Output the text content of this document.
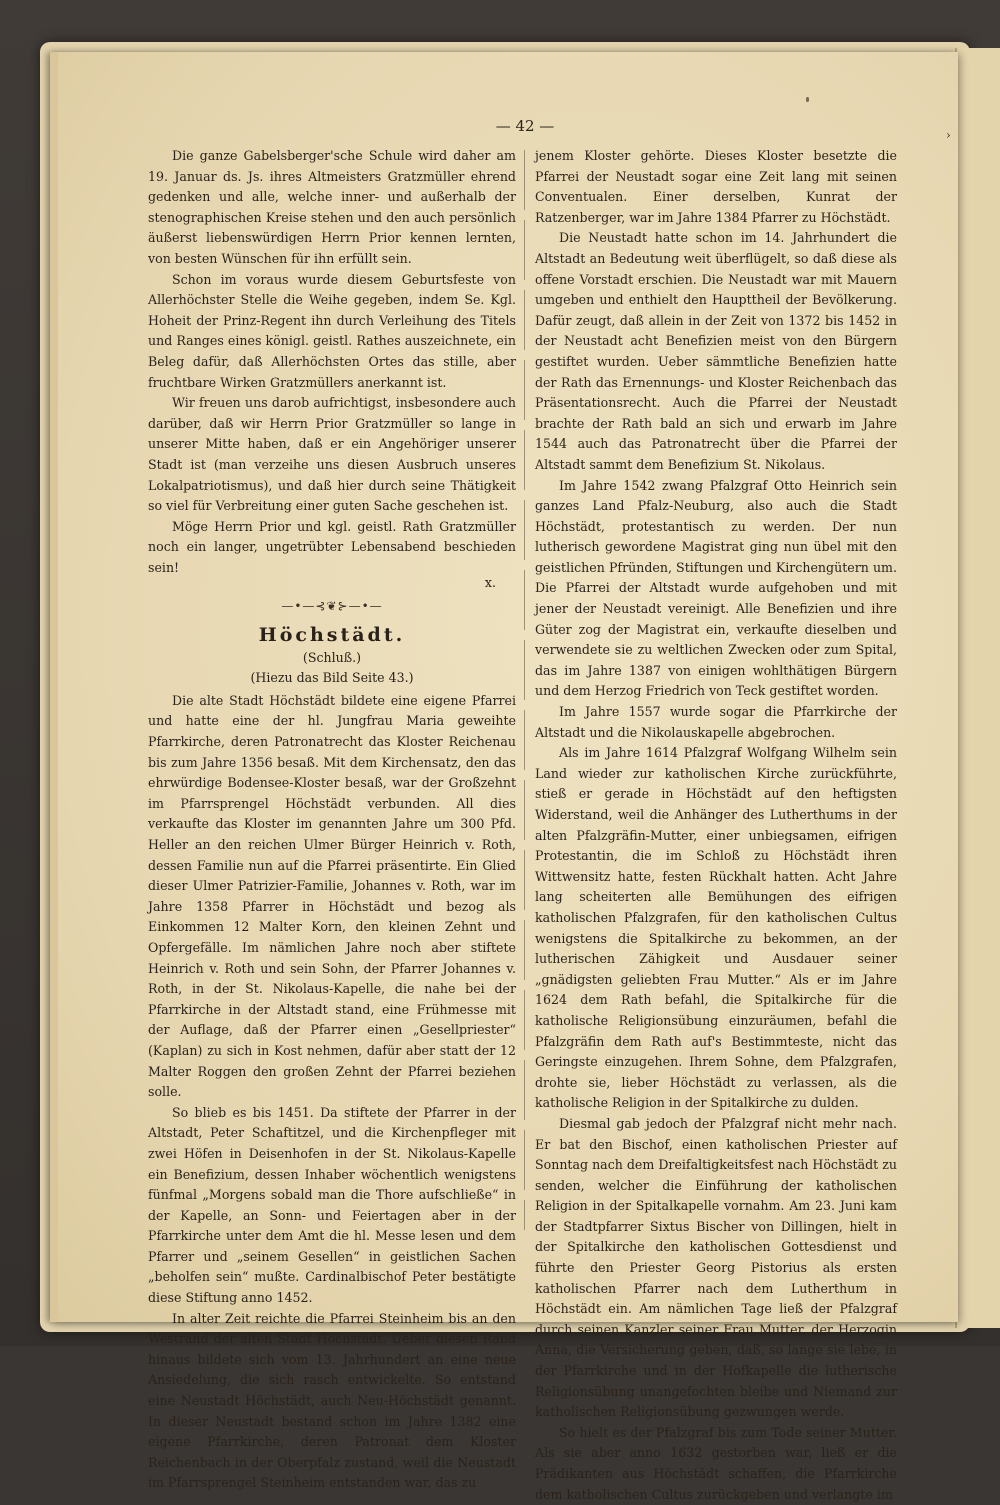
›
— 42 —

Die ganze Gabelsberger'sche Schule wird daher am 19. Januar ds. Js. ihres Altmeisters Gratzmüller ehrend gedenken und alle, welche inner- und außerhalb der stenographischen Kreise stehen und den auch persönlich äußerst liebenswürdigen Herrn Prior kennen lernten, von besten Wünschen für ihn erfüllt sein.

Schon im voraus wurde diesem Geburtsfeste von Allerhöchster Stelle die Weihe gegeben, indem Se. Kgl. Hoheit der Prinz-Regent ihn durch Verleihung des Titels und Ranges eines königl. geistl. Rathes auszeichnete, ein Beleg dafür, daß Allerhöchsten Ortes das stille, aber fruchtbare Wirken Gratzmüllers anerkannt ist.

Wir freuen uns darob aufrichtigst, insbesondere auch darüber, daß wir Herrn Prior Gratzmüller so lange in unserer Mitte haben, daß er ein Angehöriger unserer Stadt ist (man verzeihe uns diesen Ausbruch unseres Lokalpatriotismus), und daß hier durch seine Thätigkeit so viel für Verbreitung einer guten Sache geschehen ist.

Möge Herrn Prior und kgl. geistl. Rath Gratzmüller noch ein langer, ungetrübter Lebensabend beschieden sein!

x.
—•—⊰❦⊱—•—
Höchstädt.

(Schluß.)

(Hiezu das Bild Seite 43.)

Die alte Stadt Höchstädt bildete eine eigene Pfarrei und hatte eine der hl. Jungfrau Maria geweihte Pfarrkirche, deren Patronatrecht das Kloster Reichenau bis zum Jahre 1356 besaß. Mit dem Kirchensatz, den das ehrwürdige Bodensee-Kloster besaß, war der Großzehnt im Pfarrsprengel Höchstädt verbunden. All dies verkaufte das Kloster im genannten Jahre um 300 Pfd. Heller an den reichen Ulmer Bürger Heinrich v. Roth, dessen Familie nun auf die Pfarrei präsentirte. Ein Glied dieser Ulmer Patrizier-Familie, Johannes v. Roth, war im Jahre 1358 Pfarrer in Höchstädt und bezog als Einkommen 12 Malter Korn, den kleinen Zehnt und Opfergefälle. Im nämlichen Jahre noch aber stiftete Heinrich v. Roth und sein Sohn, der Pfarrer Johannes v. Roth, in der St. Nikolaus-Kapelle, die nahe bei der Pfarrkirche in der Altstadt stand, eine Frühmesse mit der Auflage, daß der Pfarrer einen „Gesellpriester“ (Kaplan) zu sich in Kost nehmen, dafür aber statt der 12 Malter Roggen den großen Zehnt der Pfarrei beziehen solle.

So blieb es bis 1451. Da stiftete der Pfarrer in der Altstadt, Peter Schaftitzel, und die Kirchenpfleger mit zwei Höfen in Deisenhofen in der St. Nikolaus-Kapelle ein Benefizium, dessen Inhaber wöchentlich wenigstens fünfmal „Morgens sobald man die Thore aufschließe“ in der Kapelle, an Sonn- und Feiertagen aber in der Pfarrkirche unter dem Amt die hl. Messe lesen und dem Pfarrer und „seinem Gesellen“ in geistlichen Sachen „beholfen sein“ mußte. Cardinalbischof Peter bestätigte diese Stiftung anno 1452.

In alter Zeit reichte die Pfarrei Steinheim bis an den Westrand der alten Stadt Höchstädt. Ueber diesen Rand hinaus bildete sich vom 13. Jahrhundert an eine neue Ansiedelung, die sich rasch entwickelte. So entstand eine Neustadt Höchstädt, auch Neu-Höchstädt genannt. In dieser Neustadt bestand schon im Jahre 1382 eine eigene Pfarrkirche, deren Patronat dem Kloster Reichenbach in der Oberpfalz zustand, weil die Neustadt im Pfarrsprengel Steinheim entstanden war, das zu

jenem Kloster gehörte. Dieses Kloster besetzte die Pfarrei der Neustadt sogar eine Zeit lang mit seinen Conventualen. Einer derselben, Kunrat der Ratzenberger, war im Jahre 1384 Pfarrer zu Höchstädt.

Die Neustadt hatte schon im 14. Jahrhundert die Altstadt an Bedeutung weit überflügelt, so daß diese als offene Vorstadt erschien. Die Neustadt war mit Mauern umgeben und enthielt den Haupttheil der Bevölkerung. Dafür zeugt, daß allein in der Zeit von 1372 bis 1452 in der Neustadt acht Benefizien meist von den Bürgern gestiftet wurden. Ueber sämmtliche Benefizien hatte der Rath das Ernennungs- und Kloster Reichenbach das Präsentationsrecht. Auch die Pfarrei der Neustadt brachte der Rath bald an sich und erwarb im Jahre 1544 auch das Patronatrecht über die Pfarrei der Altstadt sammt dem Benefizium St. Nikolaus.

Im Jahre 1542 zwang Pfalzgraf Otto Heinrich sein ganzes Land Pfalz-Neuburg, also auch die Stadt Höchstädt, protestantisch zu werden. Der nun lutherisch gewordene Magistrat ging nun übel mit den geistlichen Pfründen, Stiftungen und Kirchengütern um. Die Pfarrei der Altstadt wurde aufgehoben und mit jener der Neustadt vereinigt. Alle Benefizien und ihre Güter zog der Magistrat ein, verkaufte dieselben und verwendete sie zu weltlichen Zwecken oder zum Spital, das im Jahre 1387 von einigen wohlthätigen Bürgern und dem Herzog Friedrich von Teck gestiftet worden.

Im Jahre 1557 wurde sogar die Pfarrkirche der Altstadt und die Nikolauskapelle abgebrochen.

Als im Jahre 1614 Pfalzgraf Wolfgang Wilhelm sein Land wieder zur katholischen Kirche zurückführte, stieß er gerade in Höchstädt auf den heftigsten Widerstand, weil die Anhänger des Lutherthums in der alten Pfalzgräfin-Mutter, einer unbiegsamen, eifrigen Protestantin, die im Schloß zu Höchstädt ihren Wittwensitz hatte, festen Rückhalt hatten. Acht Jahre lang scheiterten alle Bemühungen des eifrigen katholischen Pfalzgrafen, für den katholischen Cultus wenigstens die Spitalkirche zu bekommen, an der lutherischen Zähigkeit und Ausdauer seiner „gnädigsten geliebten Frau Mutter.“ Als er im Jahre 1624 dem Rath befahl, die Spitalkirche für die katholische Religionsübung einzuräumen, befahl die Pfalzgräfin dem Rath auf's Bestimmteste, nicht das Geringste einzugehen. Ihrem Sohne, dem Pfalzgrafen, drohte sie, lieber Höchstädt zu verlassen, als die katholische Religion in der Spitalkirche zu dulden.

Diesmal gab jedoch der Pfalzgraf nicht mehr nach. Er bat den Bischof, einen katholischen Priester auf Sonntag nach dem Dreifaltigkeitsfest nach Höchstädt zu senden, welcher die Einführung der katholischen Religion in der Spitalkapelle vornahm. Am 23. Juni kam der Stadtpfarrer Sixtus Bischer von Dillingen, hielt in der Spitalkirche den katholischen Gottesdienst und führte den Priester Georg Pistorius als ersten katholischen Pfarrer nach dem Lutherthum in Höchstädt ein. Am nämlichen Tage ließ der Pfalzgraf durch seinen Kanzler seiner Frau Mutter, der Herzogin Anna, die Versicherung geben, daß, so lange sie lebe, in der Pfarrkirche und in der Hofkapelle die lutherische Religionsübung unangefochten bleibe und Niemand zur katholischen Religionsübung gezwungen werde.

So hielt es der Pfalzgraf bis zum Tode seiner Mutter. Als sie aber anno 1632 gestorben war, ließ er die Prädikanten aus Höchstädt schaffen, die Pfarrkirche dem katholischen Cultus zurückgeben und verlangte im
